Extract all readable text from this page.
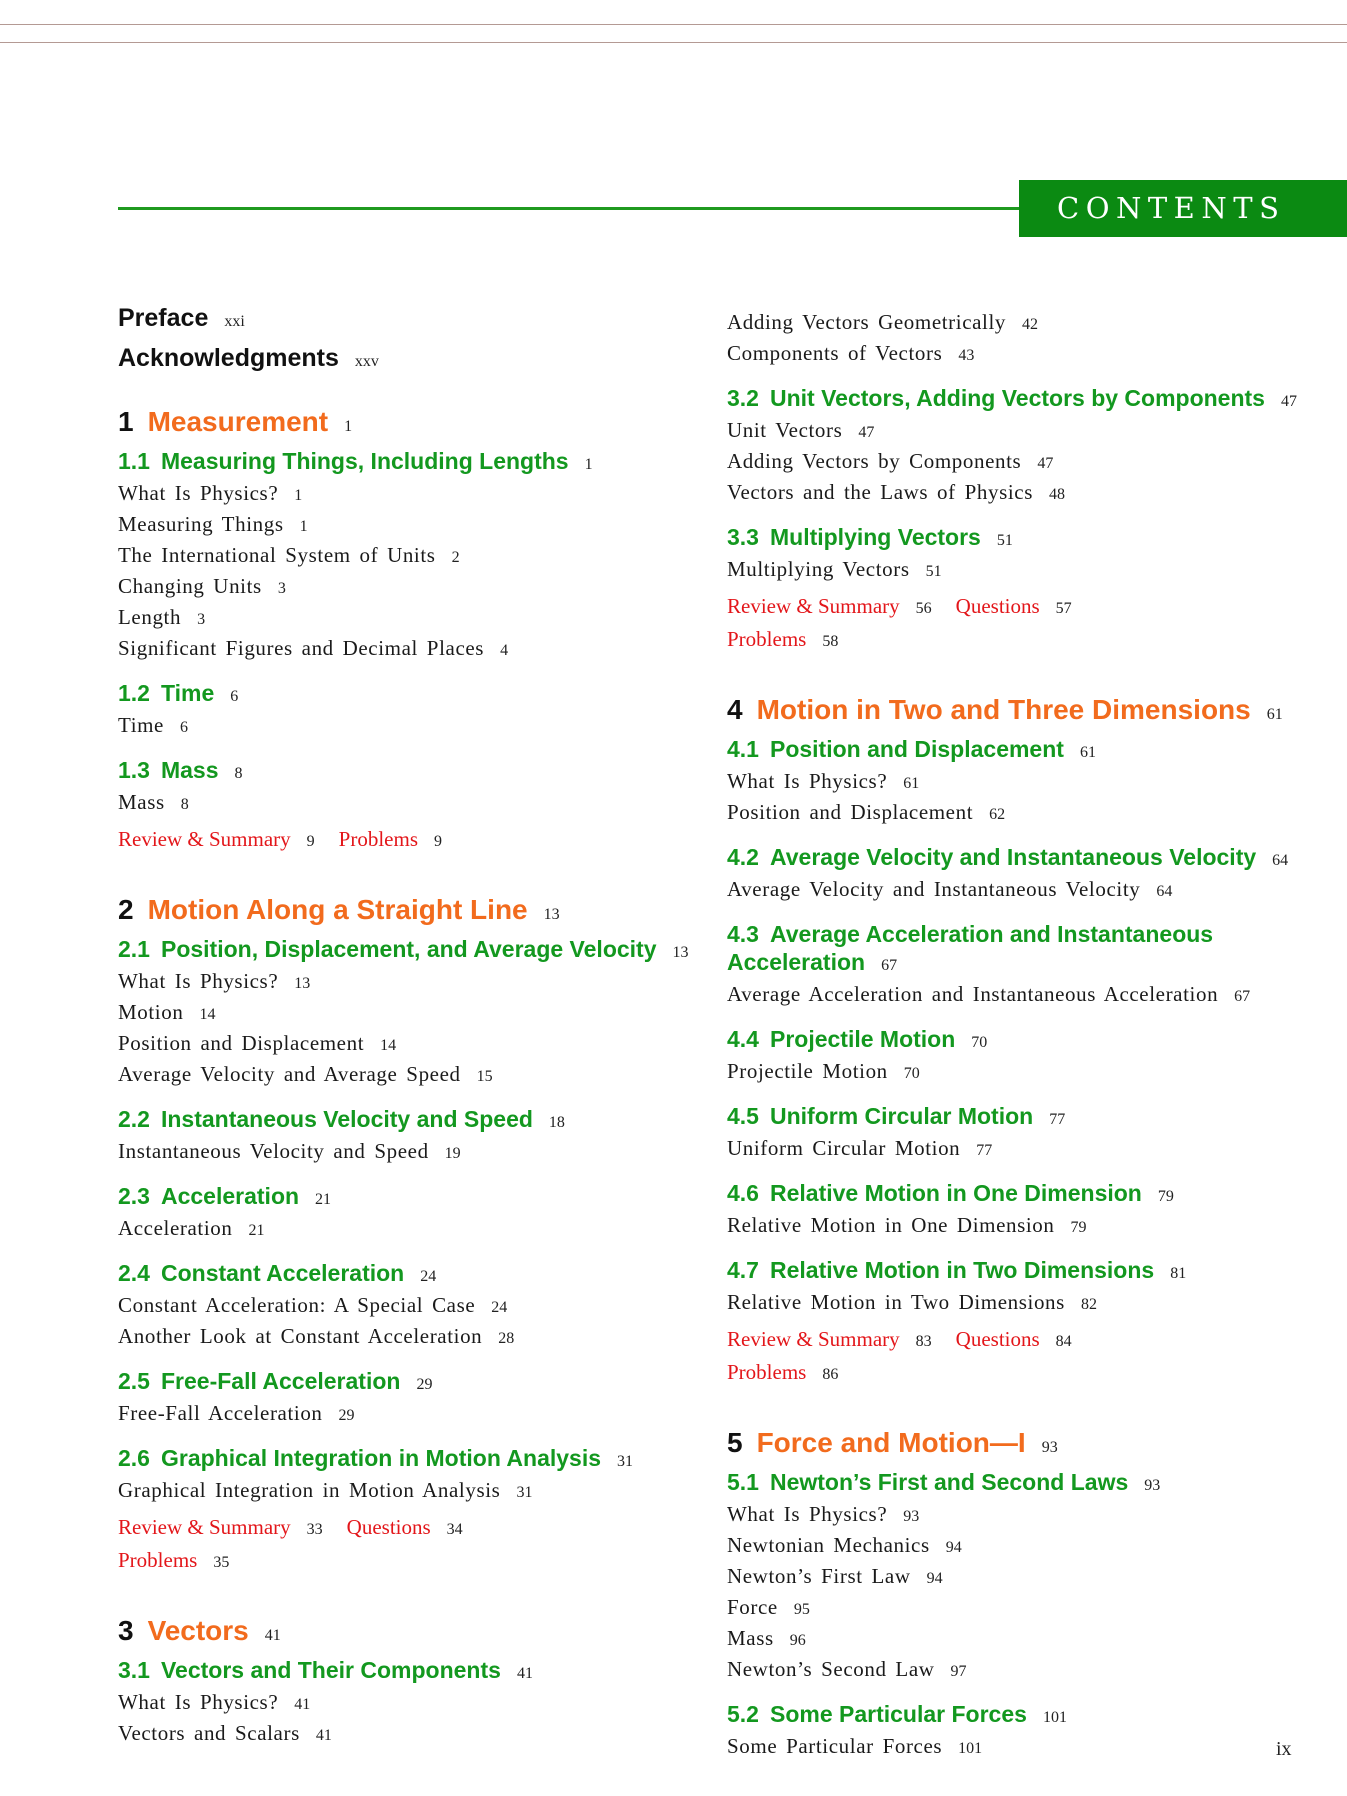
CONTENTS
Preface xxi
Acknowledgments xxv
1 Measurement 1
1.1 Measuring Things, Including Lengths 1
What Is Physics? 1
Measuring Things 1
The International System of Units 2
Changing Units 3
Length 3
Significant Figures and Decimal Places 4
1.2 Time 6
Time 6
1.3 Mass 8
Mass 8
Review & Summary 9 Problems 9
2 Motion Along a Straight Line 13
2.1 Position, Displacement, and Average Velocity 13
What Is Physics? 13
Motion 14
Position and Displacement 14
Average Velocity and Average Speed 15
2.2 Instantaneous Velocity and Speed 18
Instantaneous Velocity and Speed 19
2.3 Acceleration 21
Acceleration 21
2.4 Constant Acceleration 24
Constant Acceleration: A Special Case 24
Another Look at Constant Acceleration 28
2.5 Free-Fall Acceleration 29
Free-Fall Acceleration 29
2.6 Graphical Integration in Motion Analysis 31
Graphical Integration in Motion Analysis 31
Review & Summary 33 Questions 34
Problems 35
3 Vectors 41
3.1 Vectors and Their Components 41
What Is Physics? 41
Vectors and Scalars 41
Adding Vectors Geometrically 42
Components of Vectors 43
3.2 Unit Vectors, Adding Vectors by Components 47
Unit Vectors 47
Adding Vectors by Components 47
Vectors and the Laws of Physics 48
3.3 Multiplying Vectors 51
Multiplying Vectors 51
Review & Summary 56 Questions 57
Problems 58
4 Motion in Two and Three Dimensions 61
4.1 Position and Displacement 61
What Is Physics? 61
Position and Displacement 62
4.2 Average Velocity and Instantaneous Velocity 64
Average Velocity and Instantaneous Velocity 64
4.3 Average Acceleration and Instantaneous Acceleration 67
Average Acceleration and Instantaneous Acceleration 67
4.4 Projectile Motion 70
Projectile Motion 70
4.5 Uniform Circular Motion 77
Uniform Circular Motion 77
4.6 Relative Motion in One Dimension 79
Relative Motion in One Dimension 79
4.7 Relative Motion in Two Dimensions 81
Relative Motion in Two Dimensions 82
Review & Summary 83 Questions 84
Problems 86
5 Force and Motion—I 93
5.1 Newton’s First and Second Laws 93
What Is Physics? 93
Newtonian Mechanics 94
Newton’s First Law 94
Force 95
Mass 96
Newton’s Second Law 97
5.2 Some Particular Forces 101
Some Particular Forces 101	ix
